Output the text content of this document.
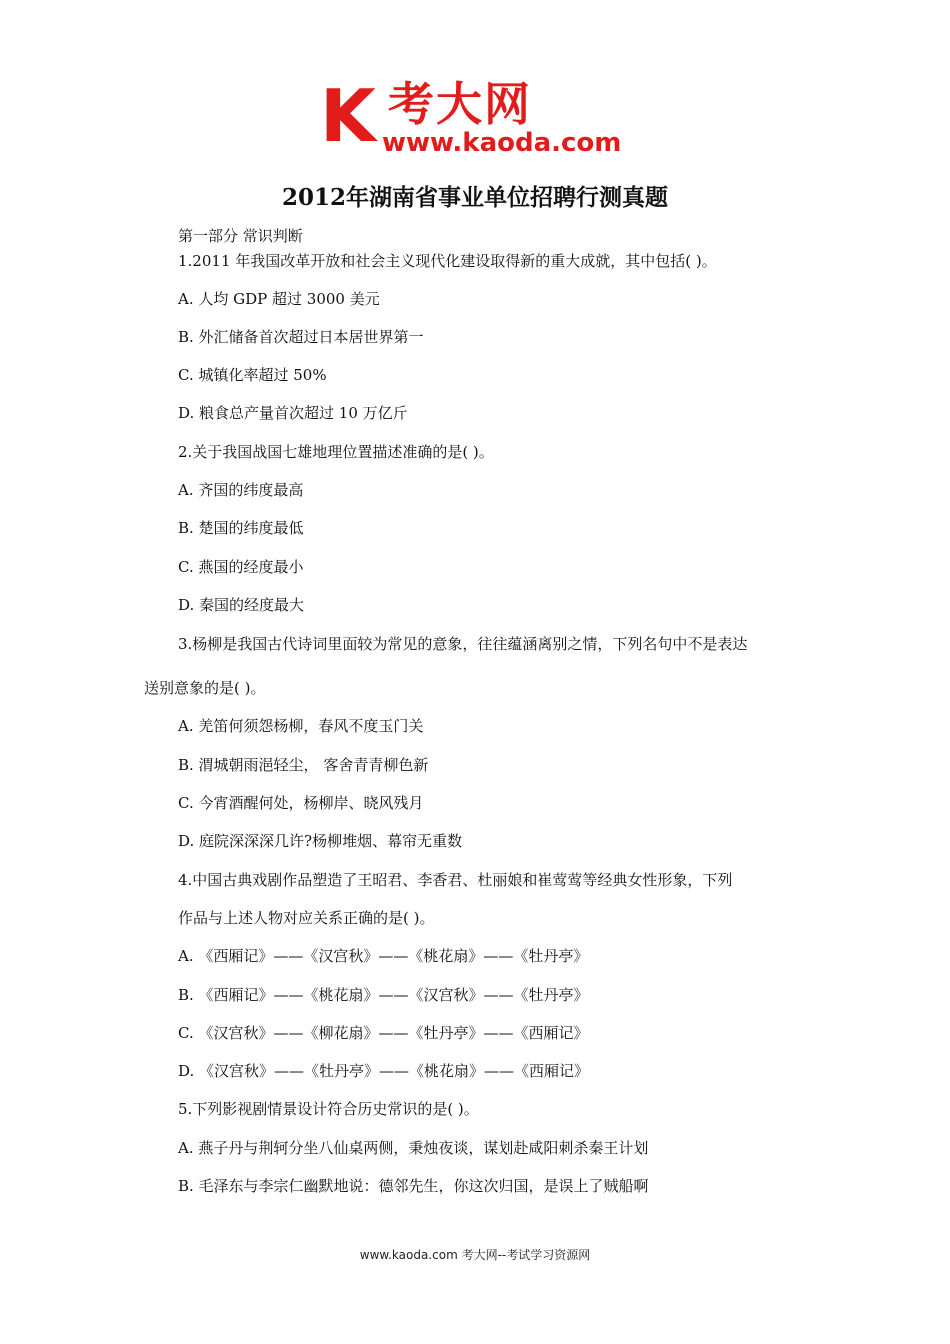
K 考大网
www.kaoda.com
2012年湖南省事业单位招聘行测真题
第一部分 常识判断
1.2011 年我国改革开放和社会主义现代化建设取得新的重大成就，其中包括( )。
A. 人均 GDP 超过 3000 美元
B. 外汇储备首次超过日本居世界第一
C. 城镇化率超过 50%
D. 粮食总产量首次超过 10 万亿斤
2.关于我国战国七雄地理位置描述准确的是( )。
A. 齐国的纬度最高
B. 楚国的纬度最低
C. 燕国的经度最小
D. 秦国的经度最大
3.杨柳是我国古代诗词里面较为常见的意象，往往蕴涵离别之情，下列名句中不是表达
送别意象的是( )。
A. 羌笛何须怨杨柳，春风不度玉门关
B. 渭城朝雨浥轻尘， 客舍青青柳色新
C. 今宵酒醒何处，杨柳岸、晓风残月
D. 庭院深深深几许?杨柳堆烟、幕帘无重数
4.中国古典戏剧作品塑造了王昭君、李香君、杜丽娘和崔莺莺等经典女性形象，下列
作品与上述人物对应关系正确的是( )。
A. 《西厢记》——《汉宫秋》——《桃花扇》——《牡丹亭》
B. 《西厢记》——《桃花扇》——《汉宫秋》——《牡丹亭》
C. 《汉宫秋》——《柳花扇》——《牡丹亭》——《西厢记》
D. 《汉宫秋》——《牡丹亭》——《桃花扇》——《西厢记》
5.下列影视剧情景设计符合历史常识的是( )。
A. 燕子丹与荆轲分坐八仙桌两侧，秉烛夜谈，谋划赴咸阳刺杀秦王计划
B. 毛泽东与李宗仁幽默地说：德邻先生，你这次归国，是误上了贼船啊
www.kaoda.com 考大网--考试学习资源网
